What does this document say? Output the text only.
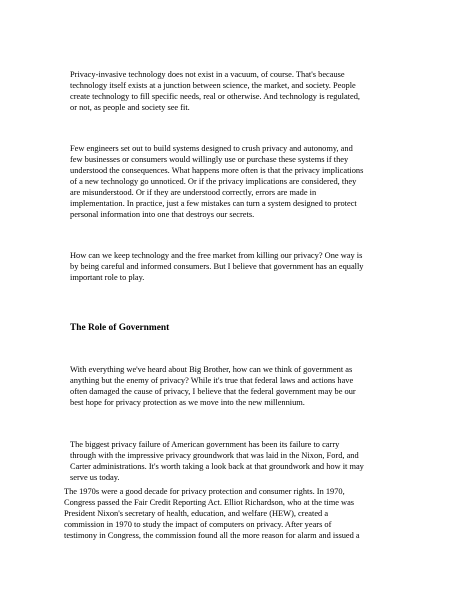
Privacy-invasive technology does not exist in a vacuum, of course. That's because

technology itself exists at a junction between science, the market, and society. People

create technology to fill specific needs, real or otherwise. And technology is regulated,

or not, as people and society see fit.

Few engineers set out to build systems designed to crush privacy and autonomy, and

few businesses or consumers would willingly use or purchase these systems if they

understood the consequences. What happens more often is that the privacy implications

of a new technology go unnoticed. Or if the privacy implications are considered, they

are misunderstood. Or if they are understood correctly, errors are made in

implementation. In practice, just a few mistakes can turn a system designed to protect

personal information into one that destroys our secrets.

How can we keep technology and the free market from killing our privacy? One way is

by being careful and informed consumers. But I believe that government has an equally

important role to play.

The Role of Government

With everything we've heard about Big Brother, how can we think of government as

anything but the enemy of privacy? While it's true that federal laws and actions have

often damaged the cause of privacy, I believe that the federal government may be our

best hope for privacy protection as we move into the new millennium.

The biggest privacy failure of American government has been its failure to carry

through with the impressive privacy groundwork that was laid in the Nixon, Ford, and

Carter administrations. It's worth taking a look back at that groundwork and how it may

serve us today.

The 1970s were a good decade for privacy protection and consumer rights. In 1970,

Congress passed the Fair Credit Reporting Act. Elliot Richardson, who at the time was

President Nixon's secretary of health, education, and welfare (HEW), created a

commission in 1970 to study the impact of computers on privacy. After years of

testimony in Congress, the commission found all the more reason for alarm and issued a
